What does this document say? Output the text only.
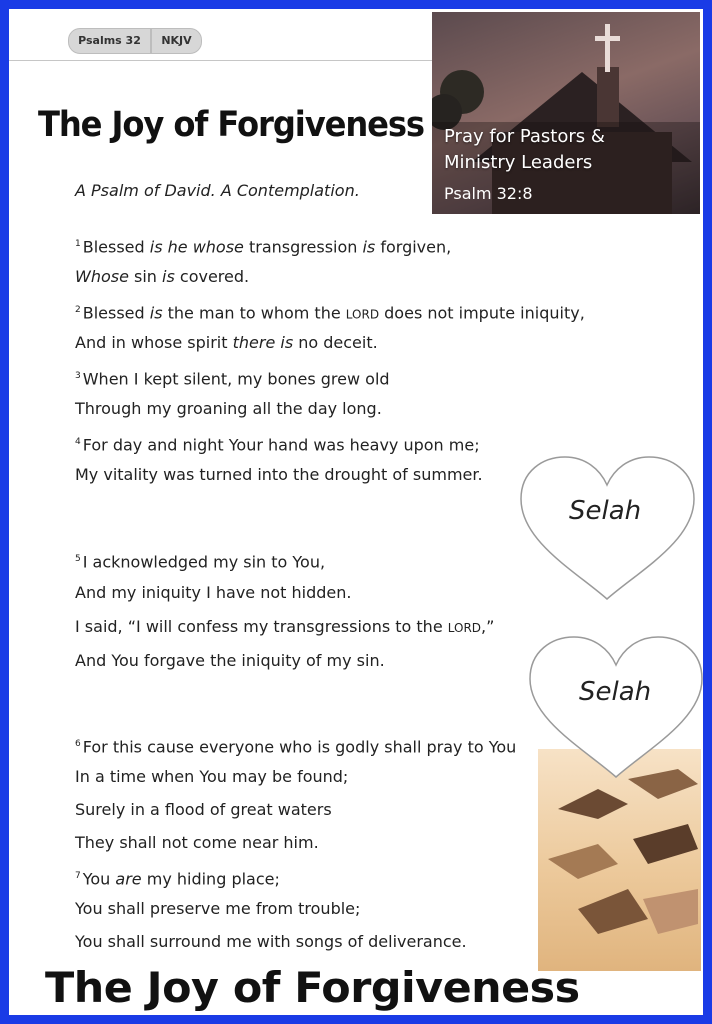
Psalms 32	NKJV
The Joy of Forgiveness Pray for Pastors &
Ministry Leaders
Psalm 32:8
A Psalm of David. A Contemplation.
$^1$ Blessed is he whose transgression is forgiven,
Whose sin is covered.
$^2$ Blessed is the man to whom the LORD does not impute iniquity,
And in whose spirit there is no deceit.
$^3$ When I kept silent, my bones grew old
Through my groaning all the day long.
$^4$ For day and night Your hand was heavy upon me;
My vitality was turned into the drought of summer.
$^5$ I acknowledged my sin to You,
And my iniquity I have not hidden.
I said, “I will confess my transgressions to the LORD,”
And You forgave the iniquity of my sin.
$^6$ For this cause everyone who is godly shall pray to You
In a time when You may be found;
Surely in a flood of great waters
They shall not come near him.
$^7$ You are my hiding place;
You shall preserve me from trouble;
You shall surround me with songs of deliverance.
Selah
Selah
The Joy of Forgiveness
